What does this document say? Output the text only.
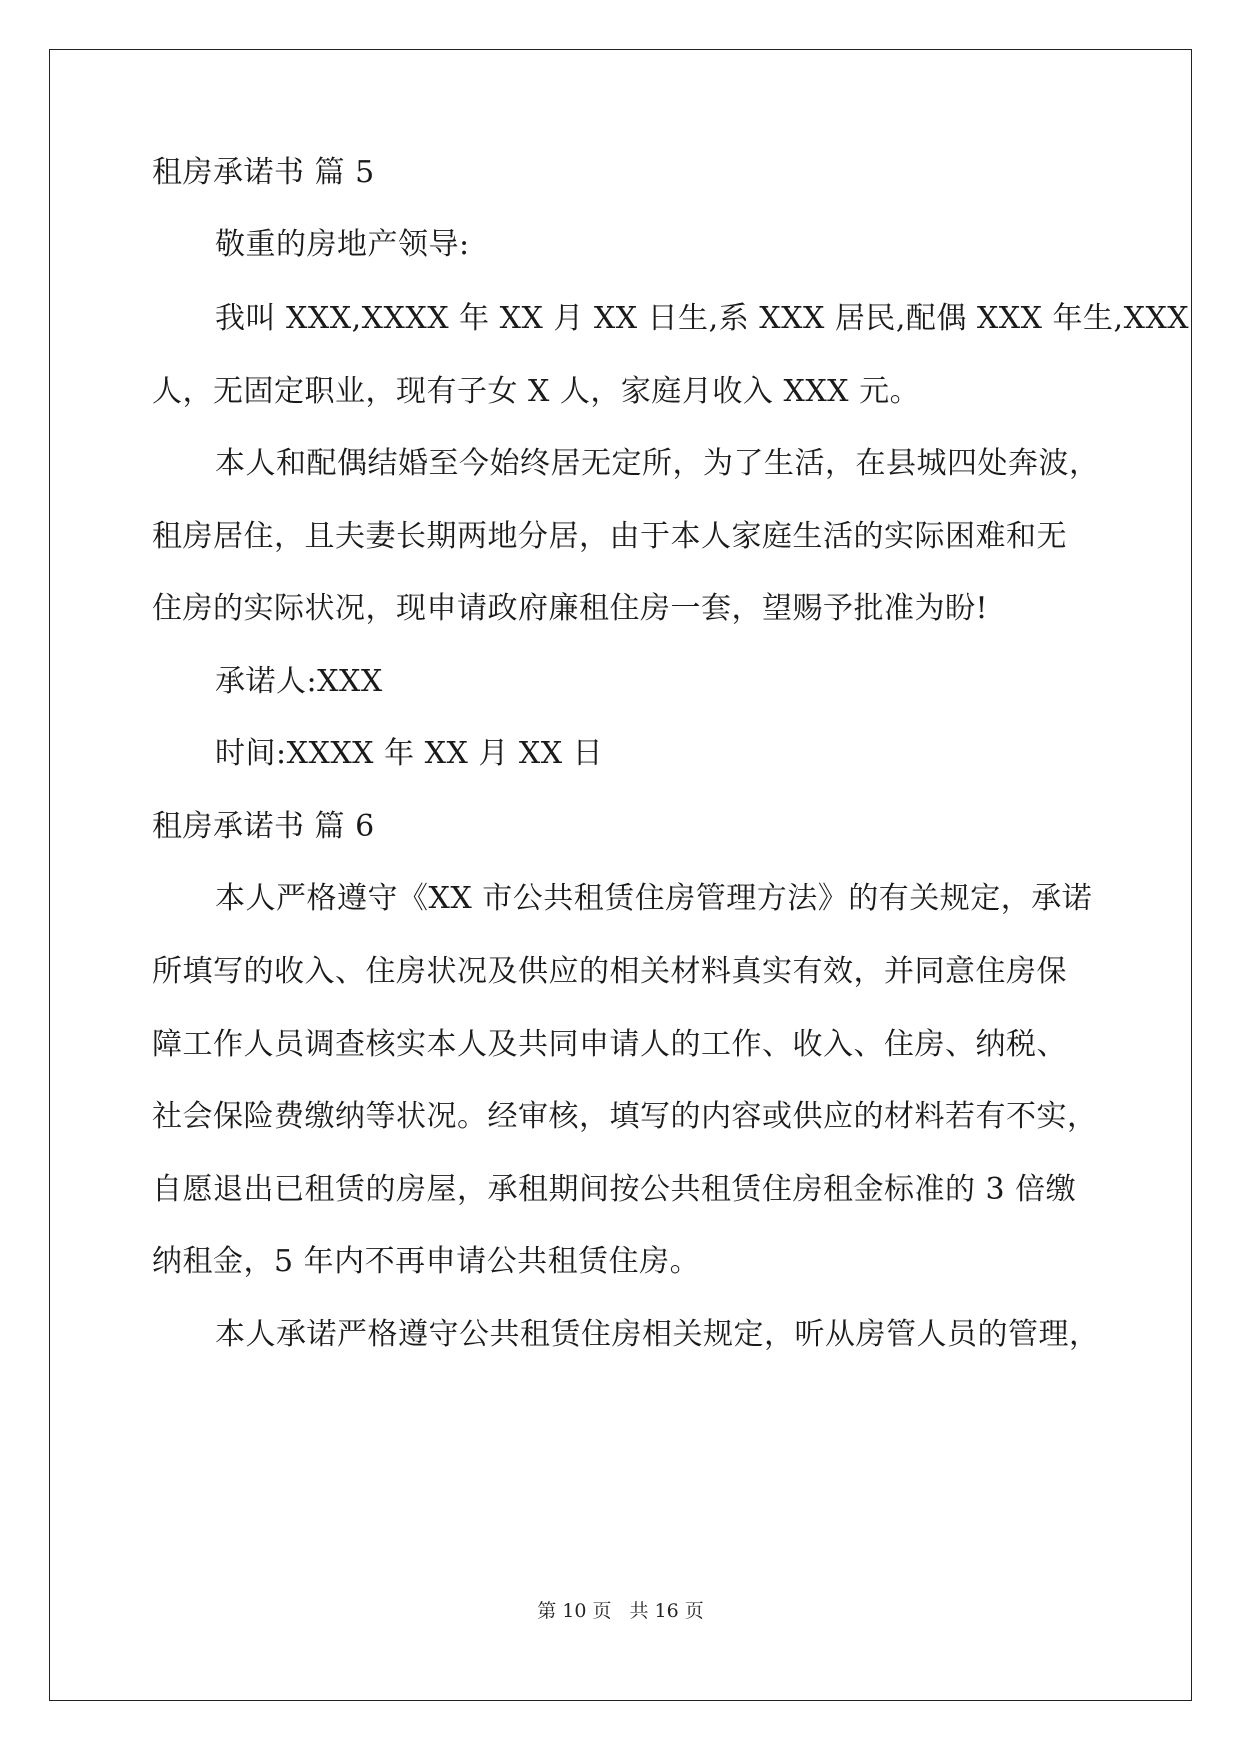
租房承诺书 篇 5
敬重的房地产领导:
我叫 XXX,XXXX 年 XX 月 XX 日生,系 XXX 居民,配偶 XXX 年生,XXX
人，无固定职业，现有子女 X 人，家庭月收入 XXX 元。
本人和配偶结婚至今始终居无定所，为了生活，在县城四处奔波，
租房居住，且夫妻长期两地分居，由于本人家庭生活的实际困难和无
住房的实际状况，现申请政府廉租住房一套，望赐予批准为盼!
承诺人:XXX
时间:XXXX 年 XX 月 XX 日
租房承诺书 篇 6
本人严格遵守《XX 市公共租赁住房管理方法》的有关规定，承诺
所填写的收入、住房状况及供应的相关材料真实有效，并同意住房保
障工作人员调查核实本人及共同申请人的工作、收入、住房、纳税、
社会保险费缴纳等状况。经审核，填写的内容或供应的材料若有不实，
自愿退出已租赁的房屋，承租期间按公共租赁住房租金标准的 3 倍缴
纳租金，5 年内不再申请公共租赁住房。
本人承诺严格遵守公共租赁住房相关规定，听从房管人员的管理，
第 10 页 共 16 页
